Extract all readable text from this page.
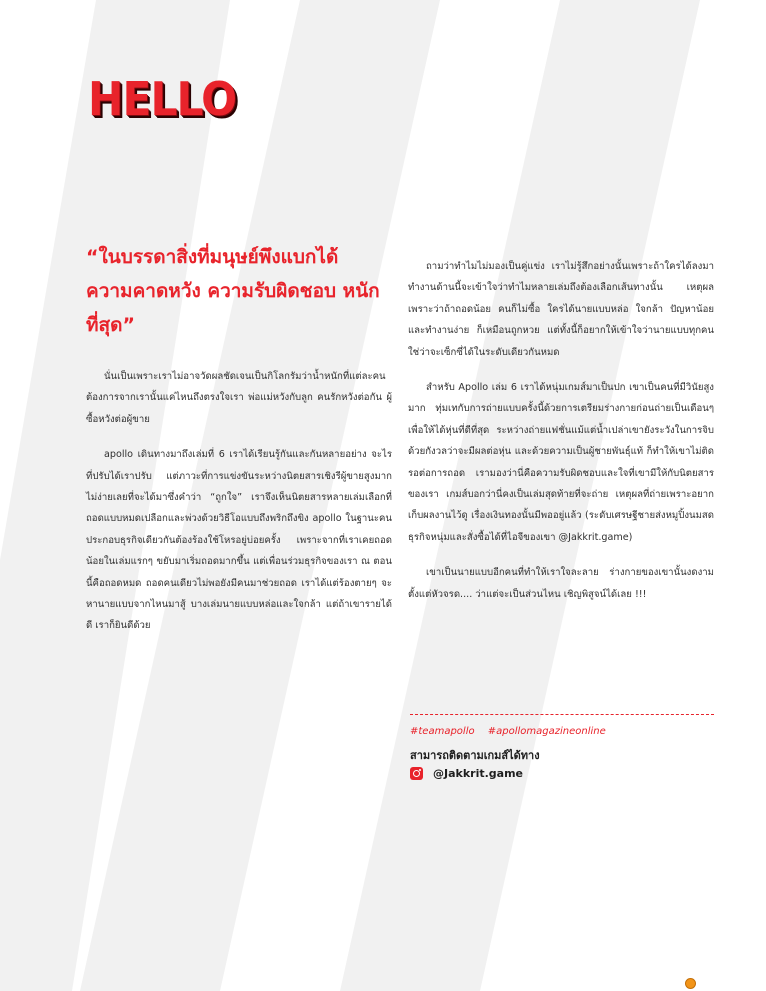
HELLO

“ในบรรดาสิ่งที่มนุษย์พึงแบกได้ ความคาดหวัง ความรับผิดชอบ หนักที่สุด”

นั่นเป็นเพราะเราไม่อาจวัดผลชัดเจนเป็นกิโลกรัมว่าน้ำหนักที่แต่ละคนต้องการจากเรานั้นแค่ไหนถึงตรงใจเรา พ่อแม่หวังกับลูก คนรักหวังต่อกัน ผู้ซื้อหวังต่อผู้ขาย

apollo เดินทางมาถึงเล่มที่ 6 เราได้เรียนรู้กันและกันหลายอย่าง จะไรที่ปรับได้เราปรับ แต่ภาวะที่การแข่งขันระหว่างนิตยสารเชิงรีผู้ขายสูงมาก ไม่ง่ายเลยที่จะได้มาซึ่งคำว่า “ถูกใจ” เราจึงเห็นนิตยสารหลายเล่มเลือกที่ถอดแบบหมดเปลือกและพ่วงด้วยวิธีโอแบบถึงพริกถึงขิง apollo ในฐานะคนประกอบธุรกิจเดียวกันต้องร้องใช้โหรอยู่บ่อยครั้ง เพราะจากที่เราเคยถอดน้อยในเล่มแรกๆ ขยับมาเริ่มถอดมากขึ้น แต่เพื่อนร่วมธุรกิจของเรา ณ ตอนนี้คือถอดหมด ถอดคนเดียวไม่พอยังมีคนมาช่วยถอด เราได้แต่ร้องตายๆ จะหานายแบบจากไหนมาสู้ บางเล่มนายแบบหล่อและใจกล้า แต่ถ้าเขารายได้ดี เราก็ยินดีด้วย

ถามว่าทำไมไม่มองเป็นคู่แข่ง เราไม่รู้สึกอย่างนั้นเพราะถ้าใครได้ลงมาทำงานด้านนี้จะเข้าใจว่าทำไมหลายเล่มถึงต้องเลือกเส้นทางนั้น เหตุผลเพราะว่าถ้าถอดน้อย คนก็ไม่ซื้อ ใครได้นายแบบหล่อ ใจกล้า ปัญหาน้อย และทำงานง่าย ก็เหมือนถูกหวย แต่ทั้งนี้ก็อยากให้เข้าใจว่านายแบบทุกคนใช่ว่าจะเซ็กซี่ได้ในระดับเดียวกันหมด

สำหรับ Apollo เล่ม 6 เราได้หนุ่มเกมส์มาเป็นปก เขาเป็นคนที่มีวินัยสูงมาก ทุ่มเทกับการถ่ายแบบครั้งนี้ด้วยการเตรียมร่างกายก่อนถ่ายเป็นเดือนๆ เพื่อให้ได้หุ่นที่ดีที่สุด ระหว่างถ่ายแฟชั่นแม้แต่น้ำเปล่าเขายังระวังในการจิบด้วยกังวลว่าจะมีผลต่อหุ่น และด้วยความเป็นผู้ชายพันธุ์แท้ ก็ทำให้เขาไม่ติดรอต่อการถอด เรามองว่านี่คือความรับผิดชอบและใจที่เขามีให้กับนิตยสารของเรา เกมส์บอกว่านี่คงเป็นเล่มสุดท้ายที่จะถ่าย เหตุผลที่ถ่ายเพราะอยากเก็บผลงานไว้ดู เรื่องเงินทองนั้นมีพออยู่แล้ว (ระดับเศรษฐีชายส่งหมูปิ้งนมสด ธุรกิจหนุ่มและสั่งซื้อได้ที่ไอจีของเขา @Jakkrit.game)

เขาเป็นนายแบบอีกคนที่ทำให้เราใจละลาย ร่างกายของเขานั้นงดงามตั้งแต่หัวจรด.... ว่าแต่จะเป็นส่วนไหน เชิญพิสูจน์ได้เลย !!!

#teamapollo #apollomagazineonline
สามารถติดตามเกมส์ได้ทาง
@Jakkrit.game
